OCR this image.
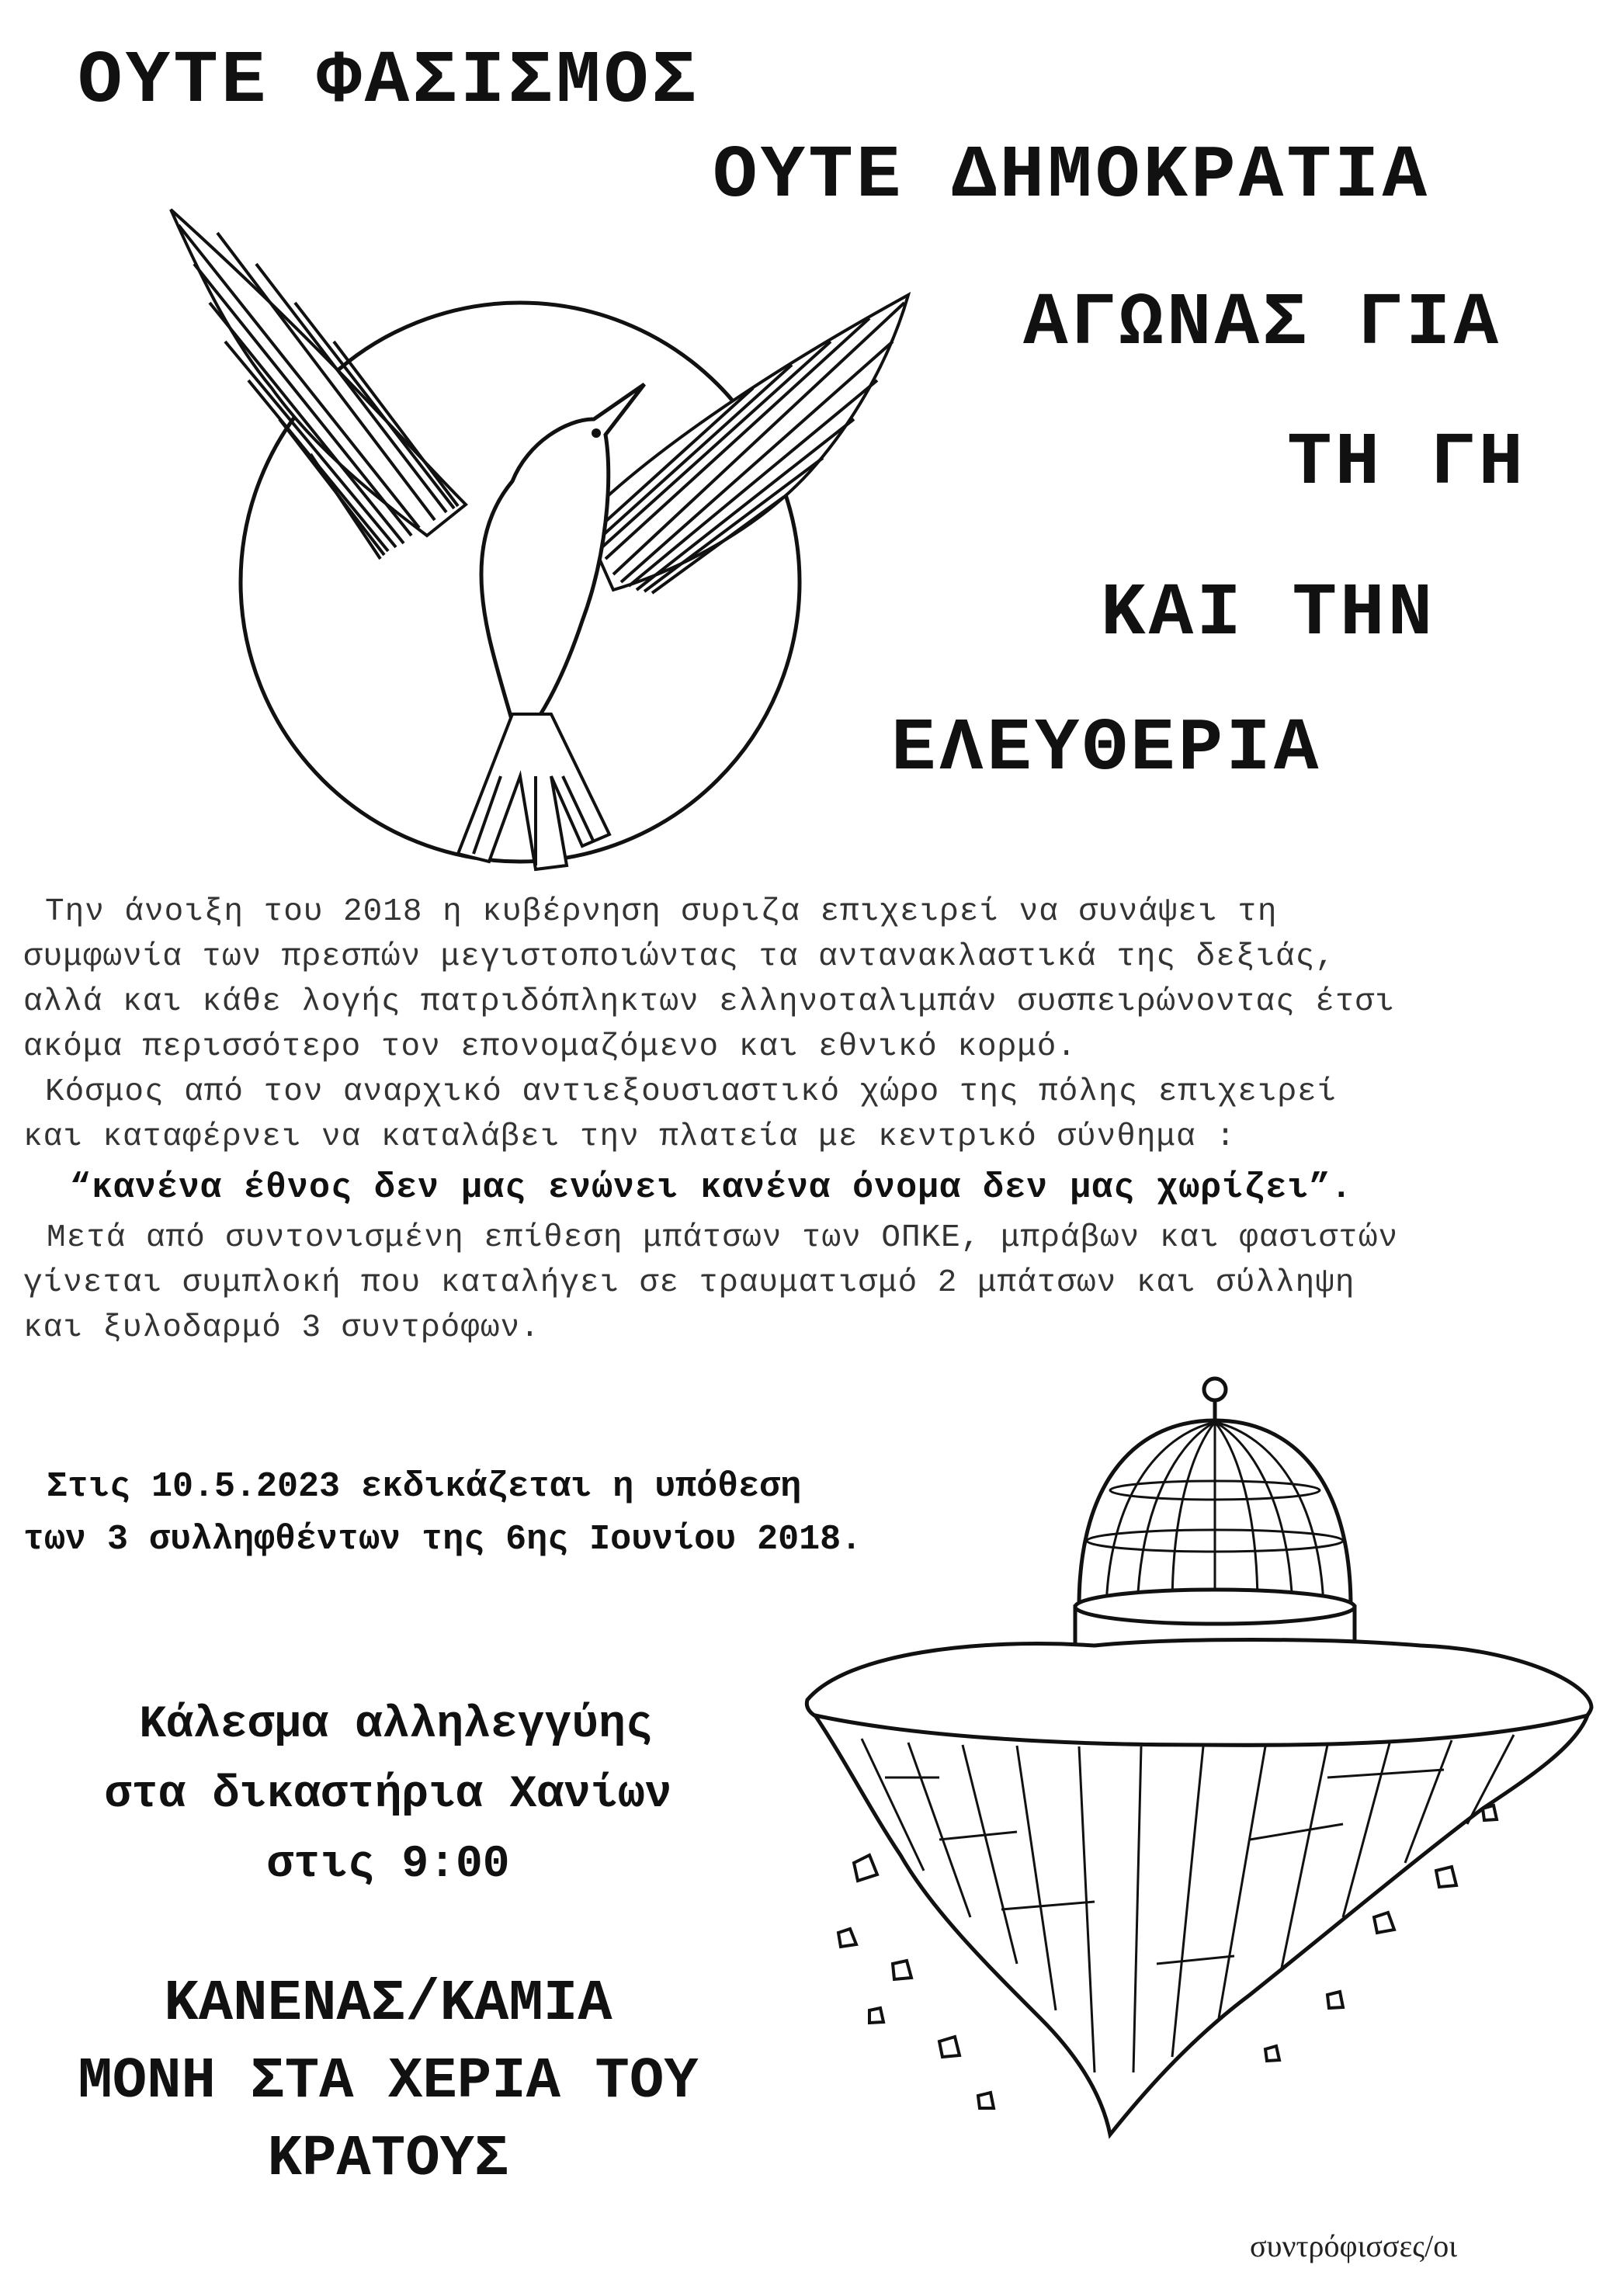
ΟΥΤΕ ΦΑΣΙΣΜΟΣ
ΟΥΤΕ ΔΗΜΟΚΡΑΤΙΑ
ΑΓΩΝΑΣ ΓΙΑ
ΤΗ ΓΗ
ΚΑΙ ΤΗΝ
ΕΛΕΥΘΕΡΙΑ
Την άνοιξη του 2018 η κυβέρνηση συριζα επιχειρεί να συνάψει τη
συμφωνία των πρεσπών μεγιστοποιώντας τα αντανακλαστικά της δεξιάς,
αλλά και κάθε λογής πατριδόπληκτων ελληνοταλιμπάν συσπειρώνοντας έτσι
ακόμα περισσότερο τον επονομαζόμενο και εθνικό κορμό.
Κόσμος από τον αναρχικό αντιεξουσιαστικό χώρο της πόλης επιχειρεί
και καταφέρνει να καταλάβει την πλατεία με κεντρικό σύνθημα :
“κανένα έθνος δεν μας ενώνει κανένα όνομα δεν μας χωρίζει”.
Μετά από συντονισμένη επίθεση μπάτσων των ΟΠΚΕ, μπράβων και φασιστών
γίνεται συμπλοκή που καταλήγει σε τραυματισμό 2 μπάτσων και σύλληψη
και ξυλοδαρμό 3 συντρόφων.
Στις 10.5.2023 εκδικάζεται η υπόθεση
των 3 συλληφθέντων της 6ης Ιουνίου 2018.
Κάλεσμα αλληλεγγύης
στα δικαστήρια Χανίων
στις 9:00
ΚΑΝΕΝΑΣ/ΚΑΜΙΑ
ΜΟΝΗ ΣΤΑ ΧΕΡΙΑ ΤΟΥ
ΚΡΑΤΟΥΣ
συντρόφισσες/οι
